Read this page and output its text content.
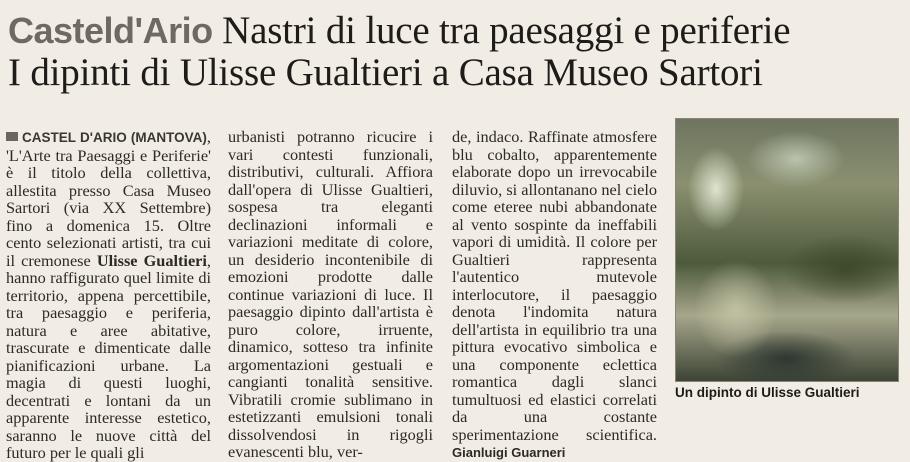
Casteld'Ario Nastri di luce tra paesaggi e periferie
I dipinti di Ulisse Gualtieri a Casa Museo Sartori
CASTEL D'ARIO (MANTOVA), 'L'Arte tra Paesaggi e Periferie' è il titolo della collettiva, allestita presso Casa Museo Sartori (via XX Settembre) fino a domenica 15. Oltre cento selezionati artisti, tra cui il cremonese Ulisse Gualtieri, hanno raffigurato quel limite di territorio, appena percettibile, tra paesaggio e periferia, natura e aree abitative, trascurate e dimenticate dalle pianificazioni urbane. La magia di questi luoghi, decentrati e lontani da un apparente interesse estetico, saranno le nuove città del futuro per le quali gli
urbanisti potranno ricucire i vari contesti funzionali, distributivi, culturali. Affiora dall'opera di Ulisse Gualtieri, sospesa tra eleganti declinazioni informali e variazioni meditate di colore, un desiderio incontenibile di emozioni prodotte dalle continue variazioni di luce. Il paesaggio dipinto dall'artista è puro colore, irruente, dinamico, sotteso tra infinite argomentazioni gestuali e cangianti tonalità sensitive. Vibratili cromie sublimano in estetizzanti emulsioni tonali dissolvendosi in rigogli evanescenti blu, ver-
de, indaco. Raffinate atmosfere blu cobalto, apparentemente elaborate dopo un irrevocabile diluvio, si allontanano nel cielo come eteree nubi abbandonate al vento sospinte da ineffabili vapori di umidità. Il colore per Gualtieri rappresenta l'autentico mutevole interlocutore, il paesaggio denota l'indomita natura dell'artista in equilibrio tra una pittura evocativo simbolica e una componente eclettica romantica dagli slanci tumultuosi ed elastici correlati da una costante sperimentazione scientifica. Gianluigi Guarneri
Un dipinto di Ulisse Gualtieri
